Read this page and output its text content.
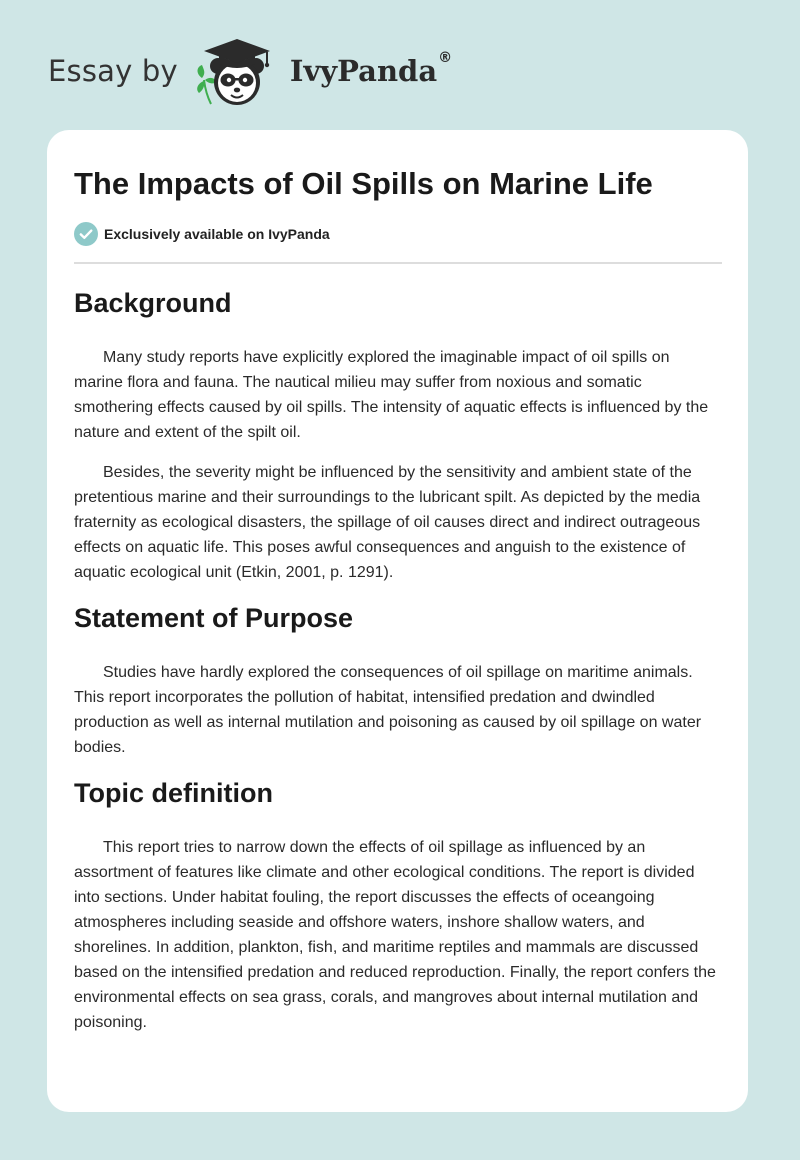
Essay by	IvyPanda®
The Impacts of Oil Spills on Marine Life
Exclusively available on IvyPanda
Background

Many study reports have explicitly explored the imaginable impact of oil spills on marine flora and fauna. The nautical milieu may suffer from noxious and somatic smothering effects caused by oil spills. The intensity of aquatic effects is influenced by the nature and extent of the spilt oil.

Besides, the severity might be influenced by the sensitivity and ambient state of the pretentious marine and their surroundings to the lubricant spilt. As depicted by the media fraternity as ecological disasters, the spillage of oil causes direct and indirect outrageous effects on aquatic life. This poses awful consequences and anguish to the existence of aquatic ecological unit (Etkin, 2001, p. 1291).

Statement of Purpose

Studies have hardly explored the consequences of oil spillage on maritime animals. This report incorporates the pollution of habitat, intensified predation and dwindled production as well as internal mutilation and poisoning as caused by oil spillage on water bodies.

Topic definition

This report tries to narrow down the effects of oil spillage as influenced by an assortment of features like climate and other ecological conditions. The report is divided into sections. Under habitat fouling, the report discusses the effects of oceangoing atmospheres including seaside and offshore waters, inshore shallow waters, and shorelines. In addition, plankton, fish, and maritime reptiles and mammals are discussed based on the intensified predation and reduced reproduction. Finally, the report confers the environmental effects on sea grass, corals, and mangroves about internal mutilation and poisoning.
